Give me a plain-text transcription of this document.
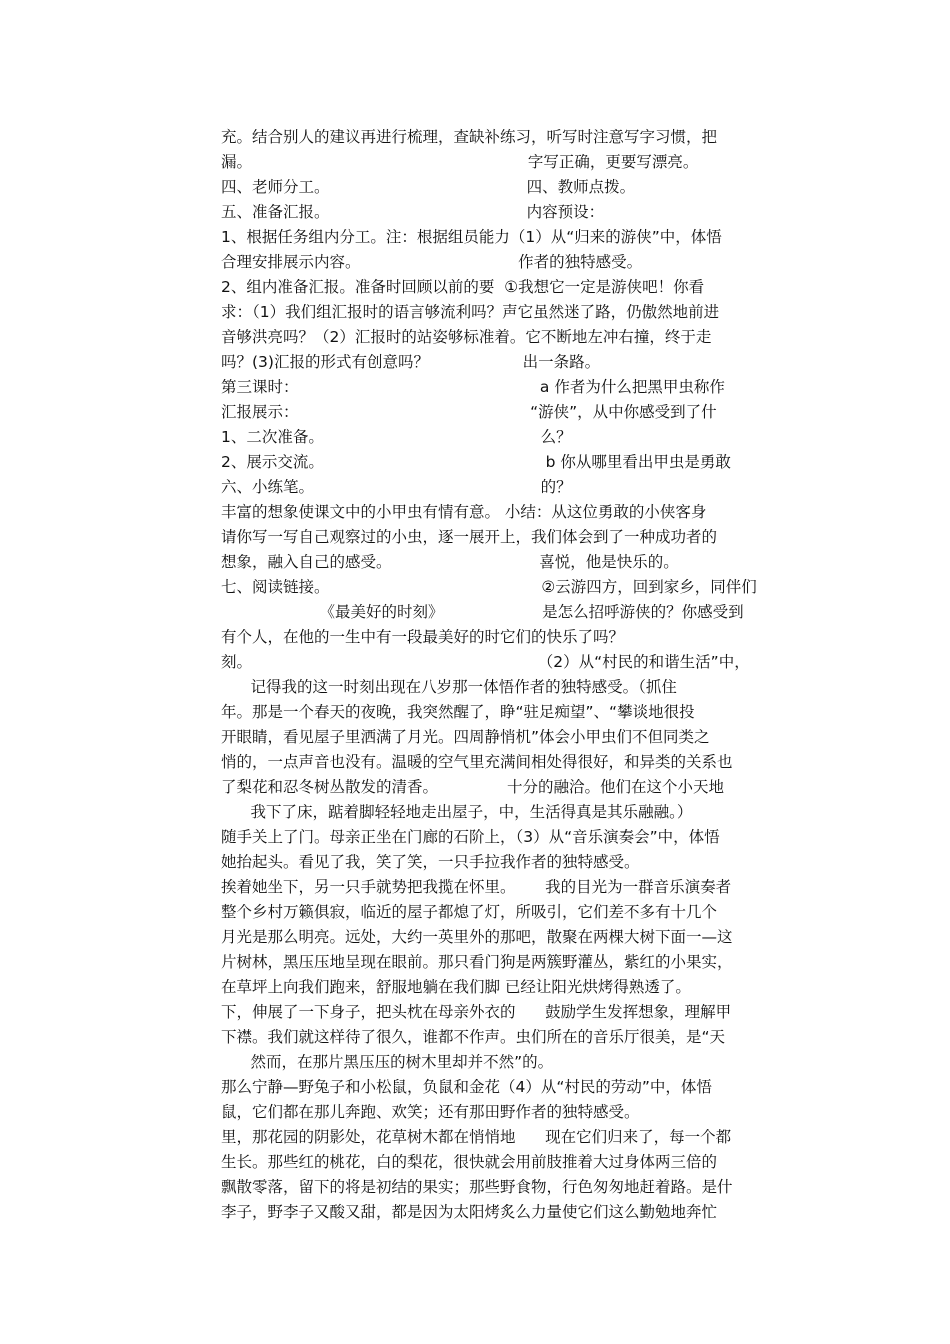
充。结合别人的建议再进行梳理，查缺补练习，听写时注意写字习惯，把

漏。                                                        字写正确，更要写漂亮。

四、老师分工。                                        四、教师点拨。

五、准备汇报。                                        内容预设：

1、根据任务组内分工。注：根据组员能力（1）从“归来的游侠”中，体悟

合理安排展示内容。                                作者的独特感受。

2、组内准备汇报。准备时回顾以前的要  ①我想它一定是游侠吧！你看

求：（1）我们组汇报时的语言够流利吗？声它虽然迷了路，仍傲然地前进

音够洪亮吗？（2）汇报时的站姿够标准着。它不断地左冲右撞，终于走

吗？(3)汇报的形式有创意吗？                   出一条路。

第三课时：                                                 a 作者为什么把黑甲虫称作

汇报展示：                                               “游侠”，从中你感受到了什

1、二次准备。                                            么？

2、展示交流。                                             b 你从哪里看出甲虫是勇敢

六、小练笔。                                              的？

丰富的想象使课文中的小甲虫有情有意。 小结：从这位勇敢的小侠客身

请你写一写自己观察过的小虫，逐一展开上，我们体会到了一种成功者的

想象，融入自己的感受。                              喜悦，他是快乐的。

七、阅读链接。                                           ②云游四方，回到家乡，同伴们

《最美好的时刻》                    是怎么招呼游侠的？你感受到

有个人，在他的一生中有一段最美好的时它们的快乐了吗？

刻。                                                          （2）从“村民的和谐生活”中，

记得我的这一时刻出现在八岁那一体悟作者的独特感受。（抓住

年。那是一个春天的夜晚，我突然醒了，睁“驻足痴望”、“攀谈地很投

开眼睛，看见屋子里洒满了月光。四周静悄机”体会小甲虫们不但同类之

悄的，一点声音也没有。温暖的空气里充满间相处得很好，和异类的关系也

了梨花和忍冬树丛散发的清香。              十分的融洽。他们在这个小天地

我下了床，踮着脚轻轻地走出屋子，中，生活得真是其乐融融。）

随手关上了门。母亲正坐在门廊的石阶上，（3）从“音乐演奏会”中，体悟

她抬起头。看见了我，笑了笑，一只手拉我作者的独特感受。

挨着她坐下，另一只手就势把我揽在怀里。      我的目光为一群音乐演奏者

整个乡村万籁俱寂，临近的屋子都熄了灯，所吸引，它们差不多有十几个

月光是那么明亮。远处，大约一英里外的那吧，散聚在两棵大树下面一—这

片树林，黑压压地呈现在眼前。那只看门狗是两簇野灌丛，紫红的小果实，

在草坪上向我们跑来，舒服地躺在我们脚 已经让阳光烘烤得熟透了。

下，伸展了一下身子，把头枕在母亲外衣的      鼓励学生发挥想象，理解甲

下襟。我们就这样待了很久，谁都不作声。虫们所在的音乐厅很美，是“天

然而，在那片黑压压的树木里却并不然”的。

那么宁静—野兔子和小松鼠，负鼠和金花（4）从“村民的劳动”中，体悟

鼠，它们都在那儿奔跑、欢笑；还有那田野作者的独特感受。

里，那花园的阴影处，花草树木都在悄悄地      现在它们归来了，每一个都

生长。那些红的桃花，白的梨花，很快就会用前肢推着大过身体两三倍的

飘散零落，留下的将是初结的果实；那些野食物，行色匆匆地赶着路。是什

李子，野李子又酸又甜，都是因为太阳烤炙么力量使它们这么勤勉地奔忙
